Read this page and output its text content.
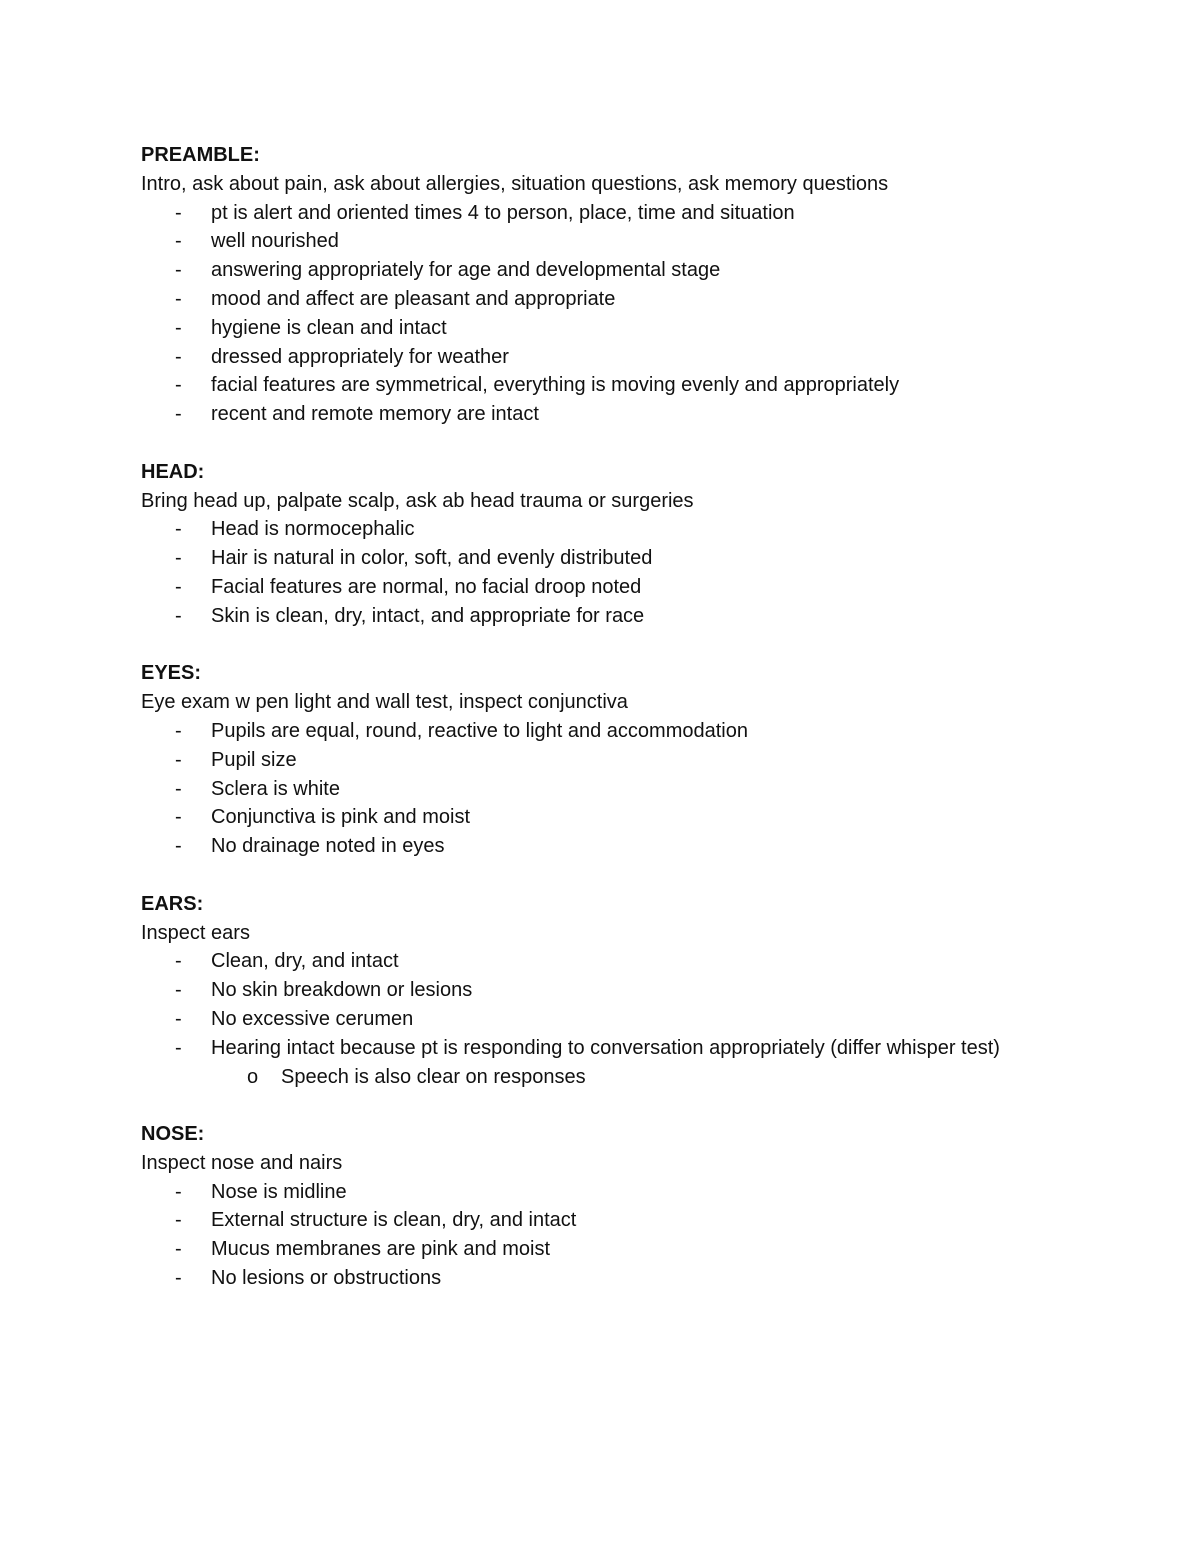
PREAMBLE:

Intro, ask about pain, ask about allergies, situation questions, ask memory questions

- pt is alert and oriented times 4 to person, place, time and situation
- well nourished
- answering appropriately for age and developmental stage
- mood and affect are pleasant and appropriate
- hygiene is clean and intact
- dressed appropriately for weather
- facial features are symmetrical, everything is moving evenly and appropriately
- recent and remote memory are intact

HEAD:

Bring head up, palpate scalp, ask ab head trauma or surgeries

- Head is normocephalic
- Hair is natural in color, soft, and evenly distributed
- Facial features are normal, no facial droop noted
- Skin is clean, dry, intact, and appropriate for race

EYES:

Eye exam w pen light and wall test, inspect conjunctiva

- Pupils are equal, round, reactive to light and accommodation
- Pupil size
- Sclera is white
- Conjunctiva is pink and moist
- No drainage noted in eyes

EARS:

Inspect ears

- Clean, dry, and intact
- No skin breakdown or lesions
- No excessive cerumen
- Hearing intact because pt is responding to conversation appropriately (differ whisper test)
o Speech is also clear on responses

NOSE:

Inspect nose and nairs

- Nose is midline
- External structure is clean, dry, and intact
- Mucus membranes are pink and moist
- No lesions or obstructions
